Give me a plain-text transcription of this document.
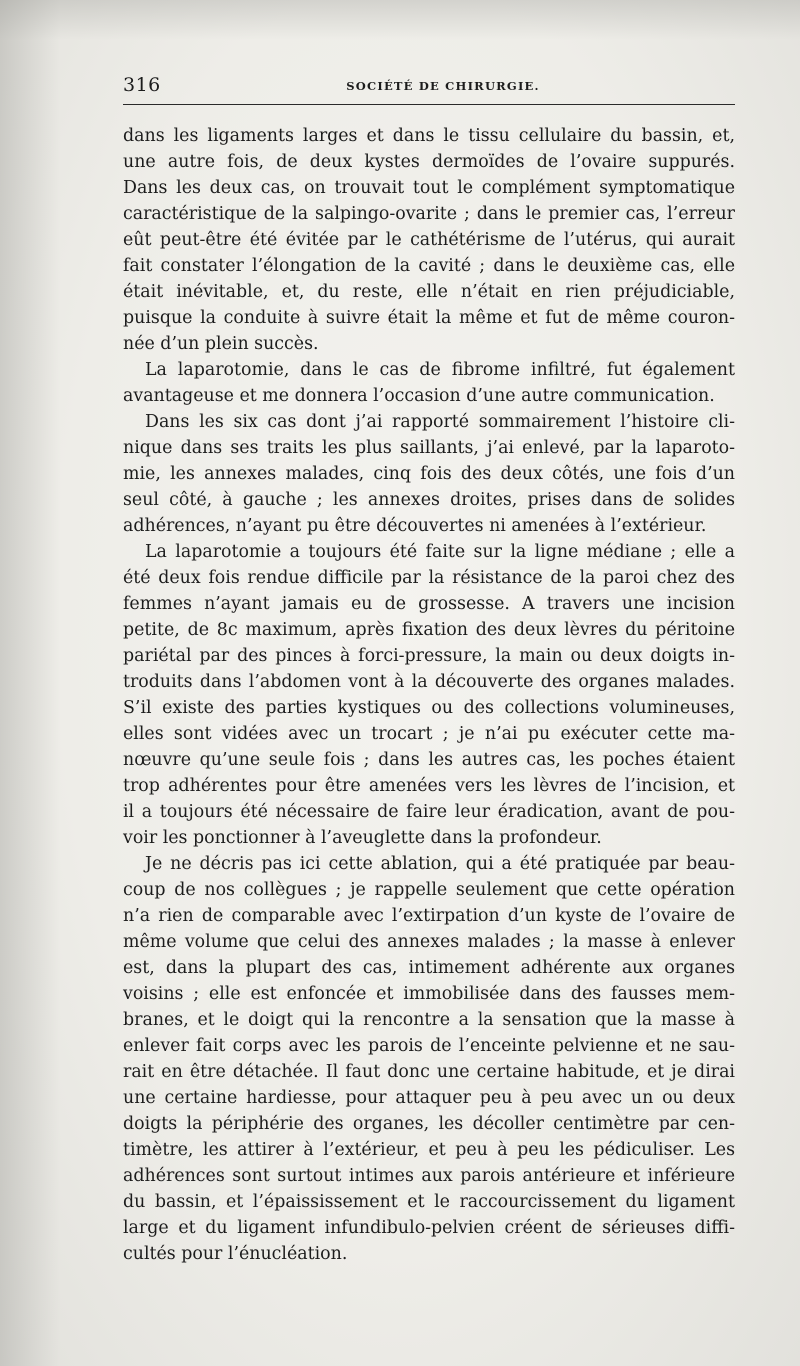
316	SOCIÉTÉ DE CHIRURGIE.

dans les ligaments larges et dans le tissu cellulaire du bassin, et,
une autre fois, de deux kystes dermoïdes de l’ovaire suppurés.
Dans les deux cas, on trouvait tout le complément symptomatique
caractéristique de la salpingo-ovarite ; dans le premier cas, l’erreur
eût peut-être été évitée par le cathétérisme de l’utérus, qui aurait
fait constater l’élongation de la cavité ; dans le deuxième cas, elle
était inévitable, et, du reste, elle n’était en rien préjudiciable,
puisque la conduite à suivre était la même et fut de même couron-
née d’un plein succès.

La laparotomie, dans le cas de fibrome infiltré, fut également
avantageuse et me donnera l’occasion d’une autre communication.

Dans les six cas dont j’ai rapporté sommairement l’histoire cli-
nique dans ses traits les plus saillants, j’ai enlevé, par la laparoto-
mie, les annexes malades, cinq fois des deux côtés, une fois d’un
seul côté, à gauche ; les annexes droites, prises dans de solides
adhérences, n’ayant pu être découvertes ni amenées à l’extérieur.

La laparotomie a toujours été faite sur la ligne médiane ; elle a
été deux fois rendue difficile par la résistance de la paroi chez des
femmes n’ayant jamais eu de grossesse. A travers une incision
petite, de 8c maximum, après fixation des deux lèvres du péritoine
pariétal par des pinces à forci-pressure, la main ou deux doigts in-
troduits dans l’abdomen vont à la découverte des organes malades.
S’il existe des parties kystiques ou des collections volumineuses,
elles sont vidées avec un trocart ; je n’ai pu exécuter cette ma-
nœuvre qu’une seule fois ; dans les autres cas, les poches étaient
trop adhérentes pour être amenées vers les lèvres de l’incision, et
il a toujours été nécessaire de faire leur éradication, avant de pou-
voir les ponctionner à l’aveuglette dans la profondeur.

Je ne décris pas ici cette ablation, qui a été pratiquée par beau-
coup de nos collègues ; je rappelle seulement que cette opération
n’a rien de comparable avec l’extirpation d’un kyste de l’ovaire de
même volume que celui des annexes malades ; la masse à enlever
est, dans la plupart des cas, intimement adhérente aux organes
voisins ; elle est enfoncée et immobilisée dans des fausses mem-
branes, et le doigt qui la rencontre a la sensation que la masse à
enlever fait corps avec les parois de l’enceinte pelvienne et ne sau-
rait en être détachée. Il faut donc une certaine habitude, et je dirai
une certaine hardiesse, pour attaquer peu à peu avec un ou deux
doigts la périphérie des organes, les décoller centimètre par cen-
timètre, les attirer à l’extérieur, et peu à peu les pédiculiser. Les
adhérences sont surtout intimes aux parois antérieure et inférieure
du bassin, et l’épaississement et le raccourcissement du ligament
large et du ligament infundibulo-pelvien créent de sérieuses diffi-
cultés pour l’énucléation.
